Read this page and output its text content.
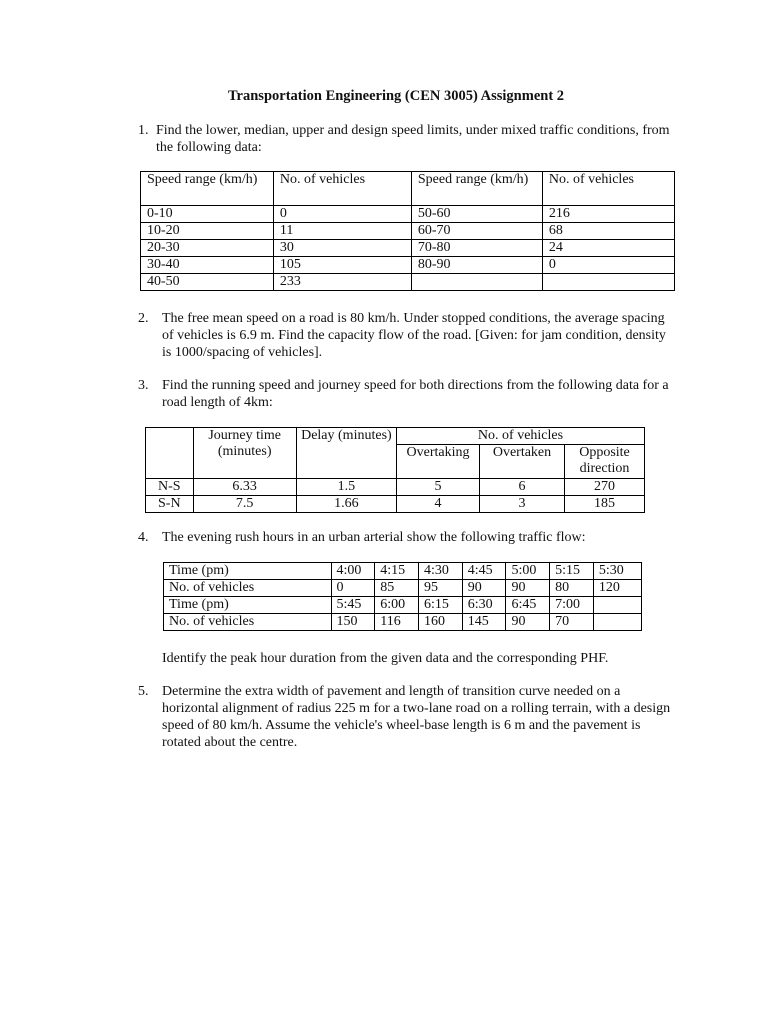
Transportation Engineering (CEN 3005) Assignment 2
1. Find the lower, median, upper and design speed limits, under mixed traffic conditions, from the following data:
Speed range (km/h)	No. of vehicles	Speed range (km/h)	No. of vehicles
0-10	0	50-60	216
10-20	11	60-70	68
20-30	30	70-80	24
30-40	105	80-90	0
40-50	233		
2. The free mean speed on a road is 80 km/h. Under stopped conditions, the average spacing of vehicles is 6.9 m. Find the capacity flow of the road. [Given: for jam condition, density is 1000/spacing of vehicles].
3. Find the running speed and journey speed for both directions from the following data for a road length of 4km:
	Journey time (minutes)	Delay (minutes)	No. of vehicles		
			Overtaking	Overtaken	Opposite direction
N-S	6.33	1.5	5	6	270
S-N	7.5	1.66	4	3	185
4. The evening rush hours in an urban arterial show the following traffic flow:
Time (pm)	4:00	4:15	4:30	4:45	5:00	5:15	5:30
No. of vehicles	0	85	95	90	90	80	120
Time (pm)	5:45	6:00	6:15	6:30	6:45	7:00	
No. of vehicles	150	116	160	145	90	70	
Identify the peak hour duration from the given data and the corresponding PHF.
5. Determine the extra width of pavement and length of transition curve needed on a horizontal alignment of radius 225 m for a two-lane road on a rolling terrain, with a design speed of 80 km/h. Assume the vehicle's wheel-base length is 6 m and the pavement is rotated about the centre.
